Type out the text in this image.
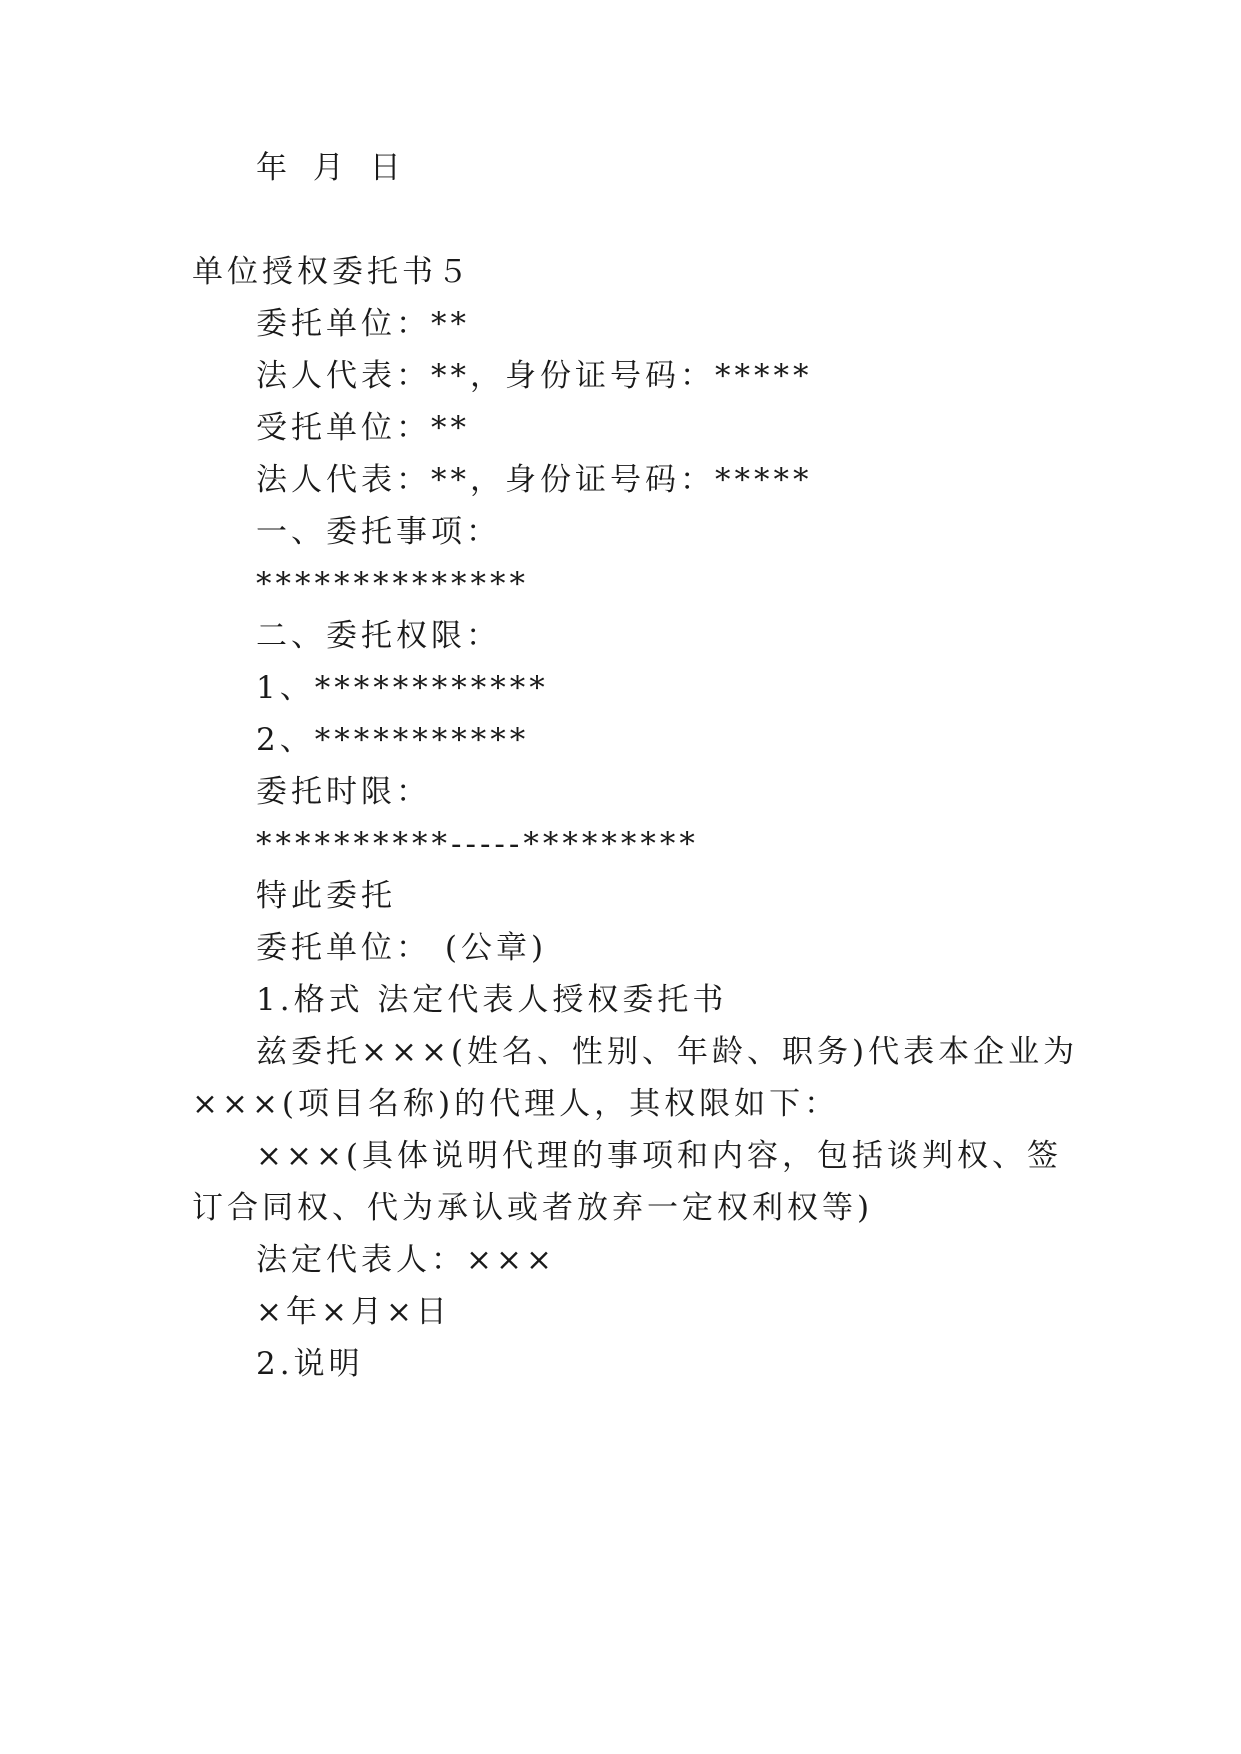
年 月 日
单位授权委托书５
委托单位：**
法人代表：**，身份证号码：*****
受托单位：**
法人代表：**，身份证号码：*****
一、委托事项：
**************
二、委托权限：
1、************
2、***********
委托时限：
**********-----*********
特此委托
委托单位： (公章)
1.格式 法定代表人授权委托书
兹委托×××(姓名、性别、年龄、职务)代表本企业为
×××(项目名称)的代理人，其权限如下：
×××(具体说明代理的事项和内容，包括谈判权、签
订合同权、代为承认或者放弃一定权利权等)
法定代表人：×××
×年×月×日
2.说明
